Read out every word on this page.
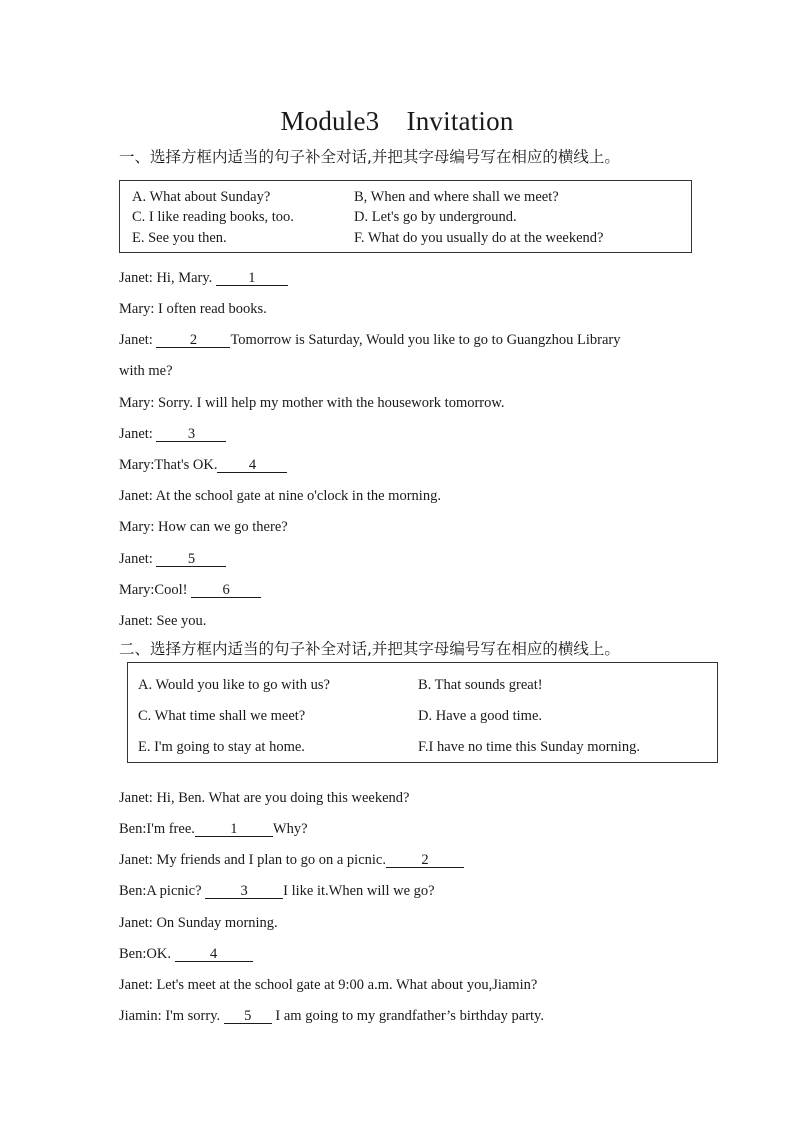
Module3　Invitation
一、选择方框内适当的句子补全对话,并把其字母编号写在相应的横线上。
A. What about Sunday?	B, When and where shall we meet?
C. I like reading books, too.	D. Let's go by underground.
E. See you then.	F. What do you usually do at the weekend?
Janet: Hi, Mary. 1
Mary: I often read books.
Janet: 2 Tomorrow is Saturday, Would you like to go to Guangzhou Library
with me?
Mary: Sorry. I will help my mother with the housework tomorrow.
Janet: 3
Mary:That's OK. 4
Janet: At the school gate at nine o'clock in the morning.
Mary: How can we go there?
Janet: 5
Mary:Cool! 6
Janet: See you.
二、选择方框内适当的句子补全对话,并把其字母编号写在相应的横线上。
A. Would you like to go with us?	B. That sounds great!
C. What time shall we meet?	D. Have a good time.
E. I'm going to stay at home.	F.I have no time this Sunday morning.
Janet: Hi, Ben. What are you doing this weekend?
Ben:I'm free. 1 Why?
Janet: My friends and I plan to go on a picnic. 2
Ben:A picnic? 3 I like it.When will we go?
Janet: On Sunday morning.
Ben:OK. 4
Janet: Let's meet at the school gate at 9:00 a.m. What about you,Jiamin?
Jiamin: I'm sorry. 5 I am going to my grandfather’s birthday party.
